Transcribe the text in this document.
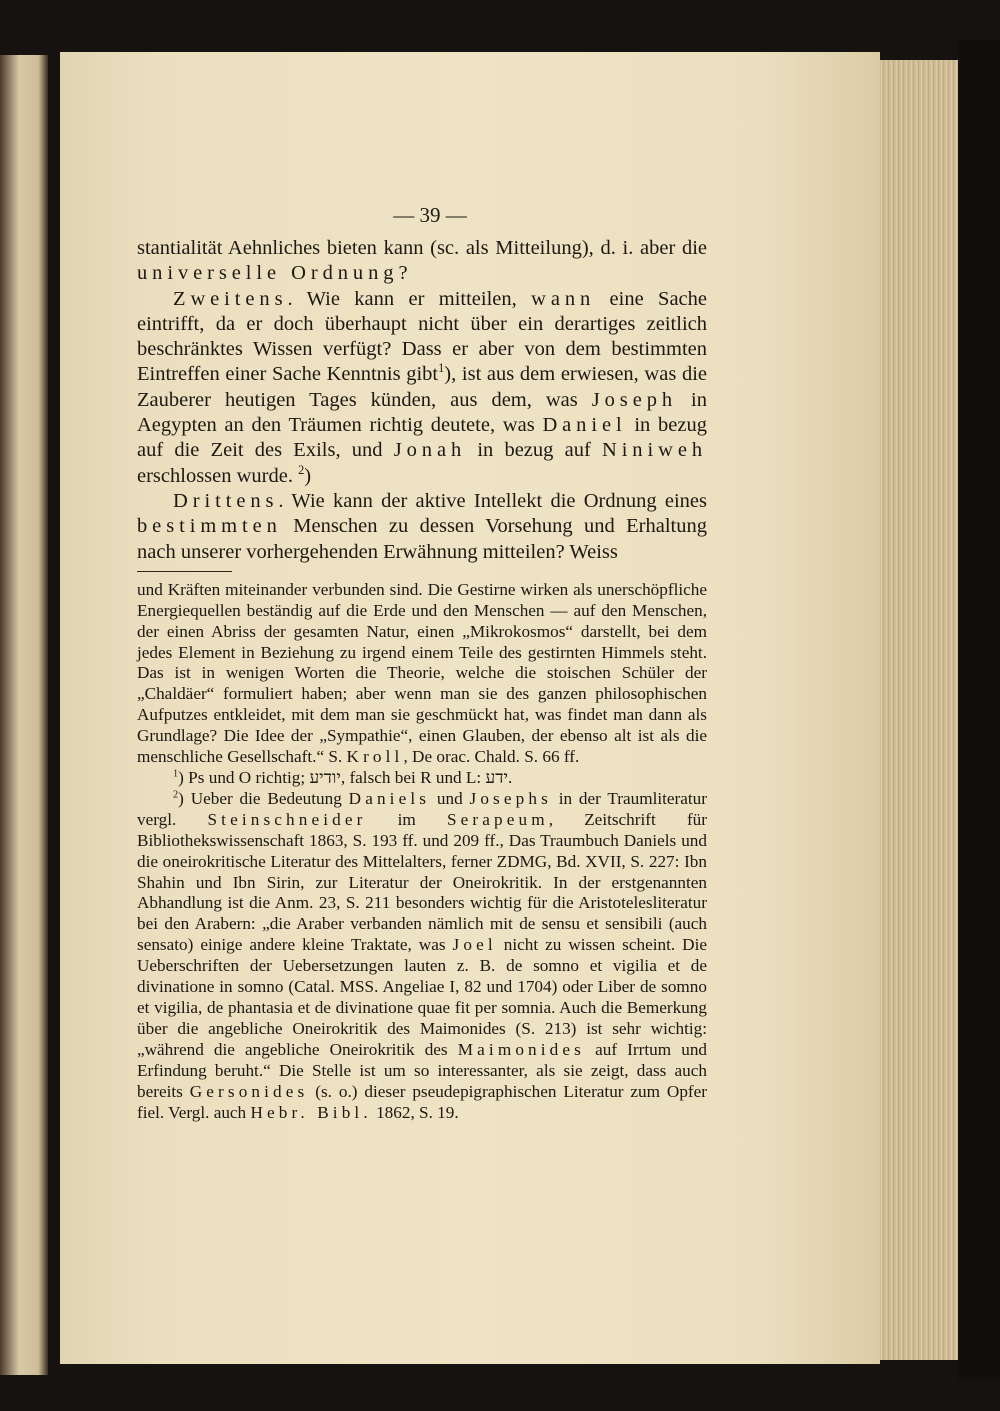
— 39 —

stantialität Aehnliches bieten kann (sc. als Mitteilung), d. i. aber die universelle Ordnung?

Zweitens. Wie kann er mitteilen, wann eine Sache eintrifft, da er doch überhaupt nicht über ein derartiges zeitlich beschränktes Wissen verfügt? Dass er aber von dem bestimmten Eintreffen einer Sache Kenntnis gibt$^1$), ist aus dem erwiesen, was die Zauberer heutigen Tages künden, aus dem, was Joseph in Aegypten an den Träumen richtig deutete, was Daniel in bezug auf die Zeit des Exils, und Jonah in bezug auf Niniweh erschlossen wurde. $^2$)

Drittens. Wie kann der aktive Intellekt die Ordnung eines bestimmten Menschen zu dessen Vorsehung und Erhaltung nach unserer vorhergehenden Erwähnung mitteilen? Weiss

und Kräften miteinander verbunden sind. Die Gestirne wirken als unerschöpfliche Energiequellen beständig auf die Erde und den Menschen — auf den Menschen, der einen Abriss der gesamten Natur, einen „Mikrokosmos“ darstellt, bei dem jedes Element in Beziehung zu irgend einem Teile des gestirnten Himmels steht. Das ist in wenigen Worten die Theorie, welche die stoischen Schüler der „Chaldäer“ formuliert haben; aber wenn man sie des ganzen philosophischen Aufputzes entkleidet, mit dem man sie geschmückt hat, was findet man dann als Grundlage? Die Idee der „Sympathie“, einen Glauben, der ebenso alt ist als die menschliche Gesellschaft.“ S. Kroll, De orac. Chald. S. 66 ff.

$^1$) Ps und O richtig; יודיע, falsch bei R und L: ידע.

$^2$) Ueber die Bedeutung Daniels und Josephs in der Traumliteratur vergl. Steinschneider im Serapeum, Zeitschrift für Bibliothekswissenschaft 1863, S. 193 ff. und 209 ff., Das Traumbuch Daniels und die oneirokritische Literatur des Mittelalters, ferner ZDMG, Bd. XVII, S. 227: Ibn Shahin und Ibn Sirin, zur Literatur der Oneirokritik. In der erstgenannten Abhandlung ist die Anm. 23, S. 211 besonders wichtig für die Aristotelesliteratur bei den Arabern: „die Araber verbanden nämlich mit de sensu et sensibili (auch sensato) einige andere kleine Traktate, was Joel nicht zu wissen scheint. Die Ueberschriften der Uebersetzungen lauten z. B. de somno et vigilia et de divinatione in somno (Catal. MSS. Angeliae I, 82 und 1704) oder Liber de somno et vigilia, de phantasia et de divinatione quae fit per somnia. Auch die Bemerkung über die angebliche Oneirokritik des Maimonides (S. 213) ist sehr wichtig: „während die angebliche Oneirokritik des Maimonides auf Irrtum und Erfindung beruht.“ Die Stelle ist um so interessanter, als sie zeigt, dass auch bereits Gersonides (s. o.) dieser pseudepigraphischen Literatur zum Opfer fiel. Vergl. auch Hebr. Bibl. 1862, S. 19.
